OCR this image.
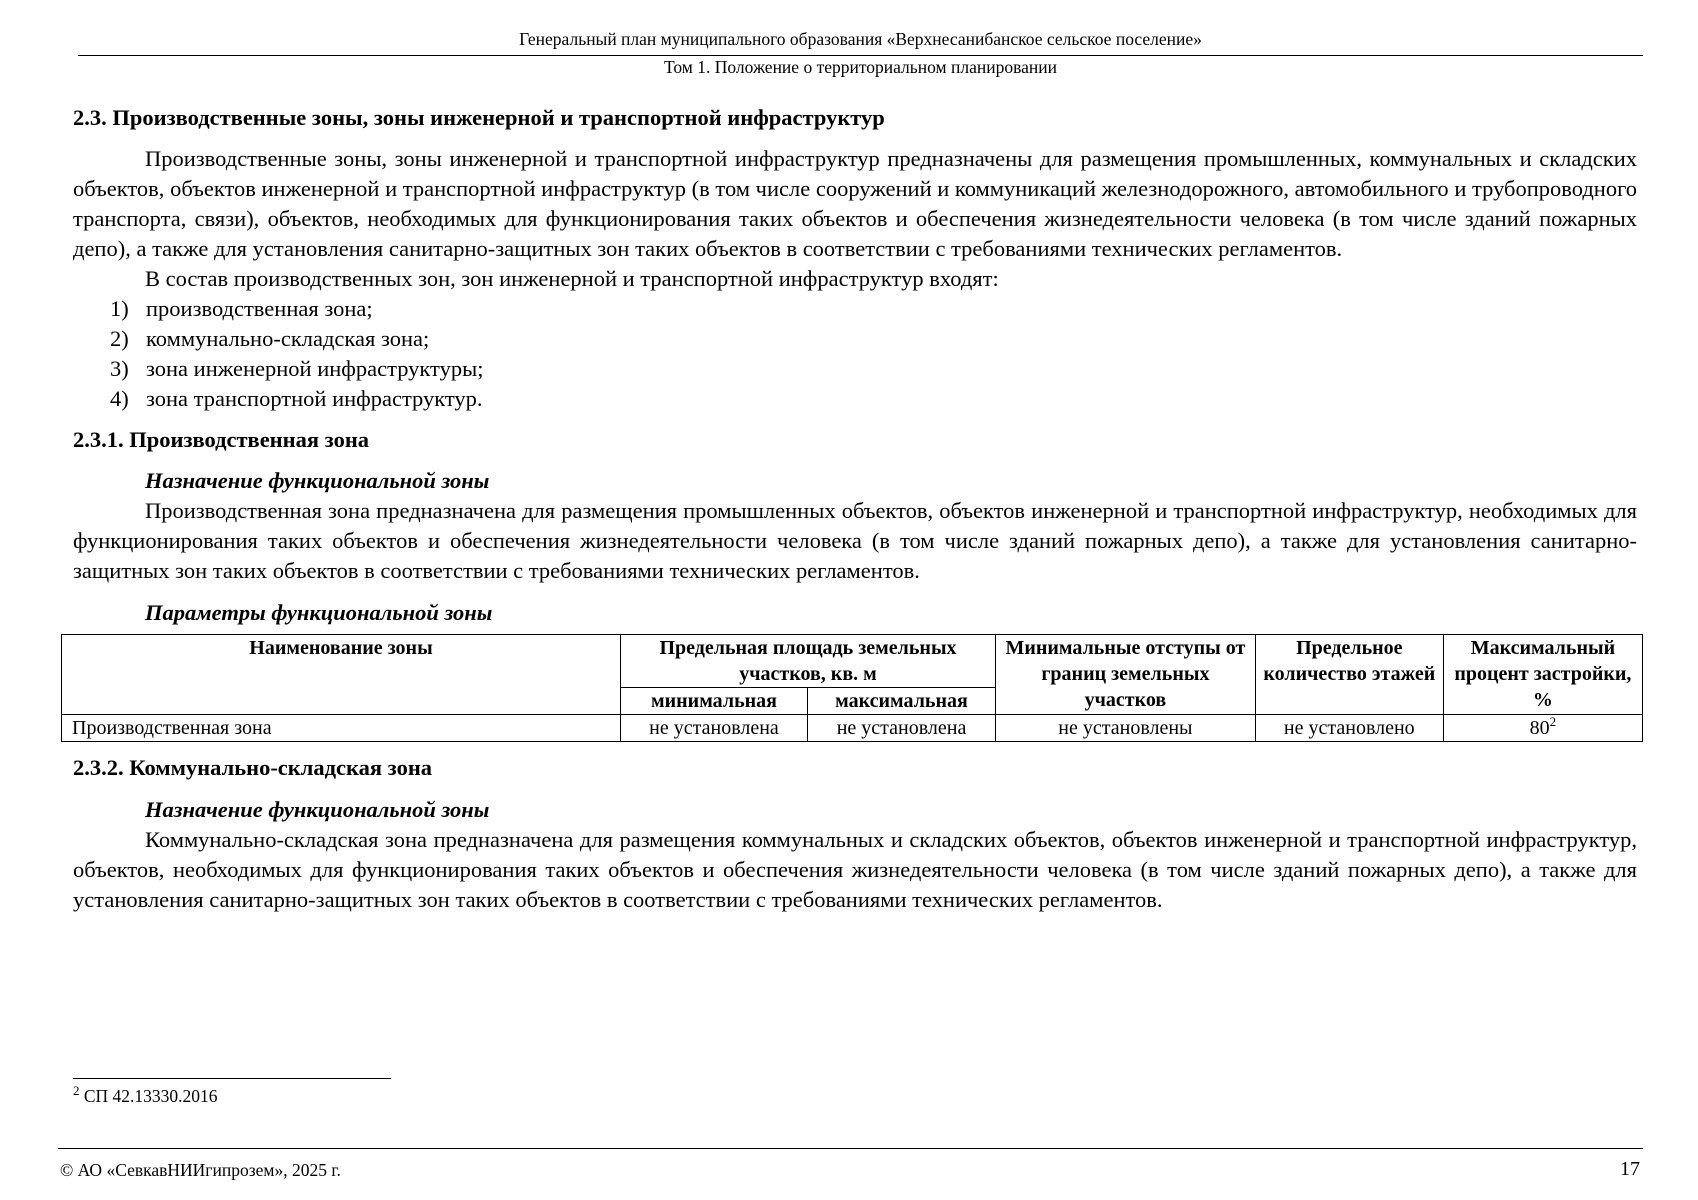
Генеральный план муниципального образования «Верхнесанибанское сельское поселение»
Том 1. Положение о территориальном планировании
2.3. Производственные зоны, зоны инженерной и транспортной инфраструктур

Производственные зоны, зоны инженерной и транспортной инфраструктур предназначены для размещения промышленных, коммунальных и складских объектов, объектов инженерной и транспортной инфраструктур (в том числе сооружений и коммуникаций железнодорожного, автомобильного и трубопроводного транспорта, связи), объектов, необходимых для функционирования таких объектов и обеспечения жизнедеятельности человека (в том числе зданий пожарных депо), а также для установления санитарно-защитных зон таких объектов в соответствии с требованиями технических регламентов.

В состав производственных зон, зон инженерной и транспортной инфраструктур входят:

1) производственная зона;

2) коммунально-складская зона;

3) зона инженерной инфраструктуры;

4) зона транспортной инфраструктур.

2.3.1. Производственная зона

Назначение функциональной зоны

Производственная зона предназначена для размещения промышленных объектов, объектов инженерной и транспортной инфраструктур, необходимых для функционирования таких объектов и обеспечения жизнедеятельности человека (в том числе зданий пожарных депо), а также для установления санитарно-защитных зон таких объектов в соответствии с требованиями технических регламентов.

Параметры функциональной зоны

Наименование зоны	Предельная площадь земельных участков, кв. м		Минимальные отступы от границ земельных участков	Предельное количество этажей	Максимальный процент застройки, %
	минимальная	максимальная			
Производственная зона	не установлена	не установлена	не установлены	не установлено	$80^2$
2.3.2. Коммунально-складская зона

Назначение функциональной зоны

Коммунально-складская зона предназначена для размещения коммунальных и складских объектов, объектов инженерной и транспортной инфраструктур, объектов, необходимых для функционирования таких объектов и обеспечения жизнедеятельности человека (в том числе зданий пожарных депо), а также для установления санитарно-защитных зон таких объектов в соответствии с требованиями технических регламентов.

$^2$ СП 42.13330.2016
© АО «СевкавНИИгипрозем», 2025 г.	17
